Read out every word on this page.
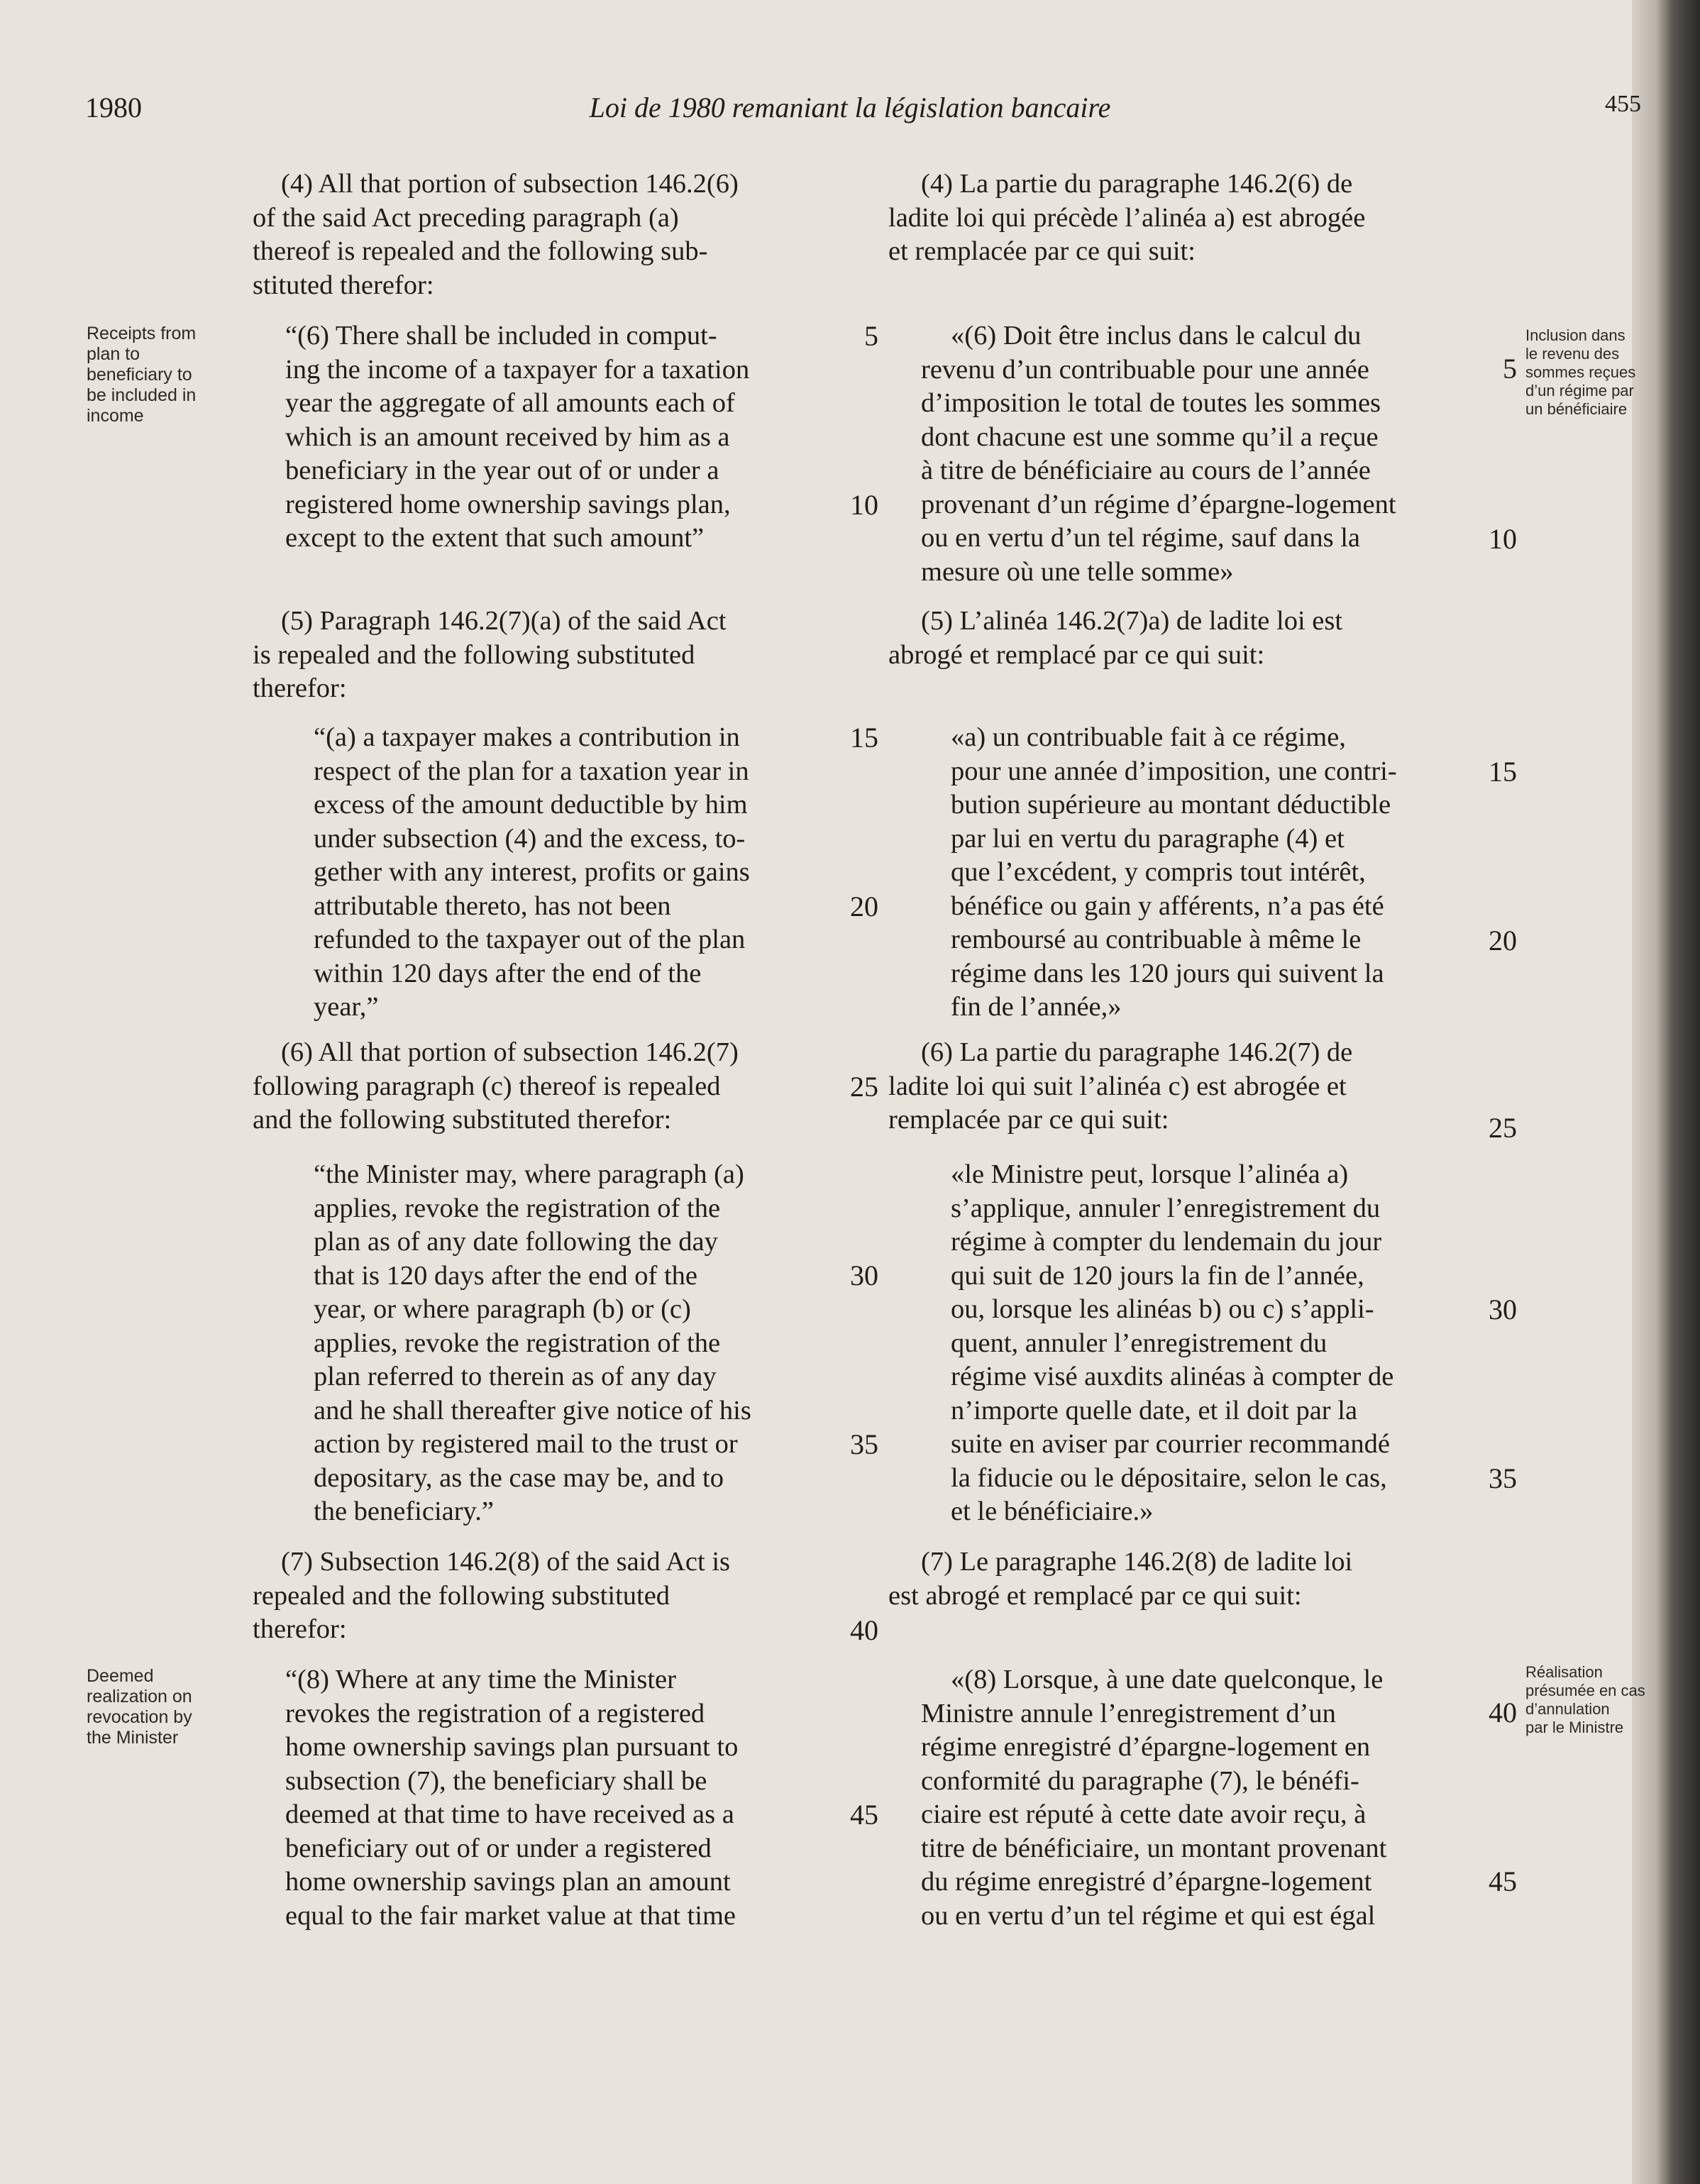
1980	Loi de 1980 remaniant la législation bancaire	455

Receipts from

plan to

beneficiary to

be included in

income

Deemed

realization on

revocation by

the Minister

Inclusion dans

le revenu des

sommes reçues

d’un régime par

un bénéficiaire

Réalisation

présumée en cas

d’annulation

par le Ministre

(4) All that portion of subsection 146.2(6)

of the said Act preceding paragraph (a)

thereof is repealed and the following sub-

stituted therefor:

“(6) There shall be included in comput-

ing the income of a taxpayer for a taxation

year the aggregate of all amounts each of

which is an amount received by him as a

beneficiary in the year out of or under a

registered home ownership savings plan,

except to the extent that such amount”

(5) Paragraph 146.2(7)(a) of the said Act

is repealed and the following substituted

therefor:

“(a) a taxpayer makes a contribution in

respect of the plan for a taxation year in

excess of the amount deductible by him

under subsection (4) and the excess, to-

gether with any interest, profits or gains

attributable thereto, has not been

refunded to the taxpayer out of the plan

within 120 days after the end of the

year,”

(6) All that portion of subsection 146.2(7)

following paragraph (c) thereof is repealed

and the following substituted therefor:

“the Minister may, where paragraph (a)

applies, revoke the registration of the

plan as of any date following the day

that is 120 days after the end of the

year, or where paragraph (b) or (c)

applies, revoke the registration of the

plan referred to therein as of any day

and he shall thereafter give notice of his

action by registered mail to the trust or

depositary, as the case may be, and to

the beneficiary.”

(7) Subsection 146.2(8) of the said Act is

repealed and the following substituted

therefor:

“(8) Where at any time the Minister

revokes the registration of a registered

home ownership savings plan pursuant to

subsection (7), the beneficiary shall be

deemed at that time to have received as a

beneficiary out of or under a registered

home ownership savings plan an amount

equal to the fair market value at that time

5
10
15
20
25
30
35
40
45

(4) La partie du paragraphe 146.2(6) de

ladite loi qui précède l’alinéa a) est abrogée

et remplacée par ce qui suit:

«(6) Doit être inclus dans le calcul du

revenu d’un contribuable pour une année

d’imposition le total de toutes les sommes

dont chacune est une somme qu’il a reçue

à titre de bénéficiaire au cours de l’année

provenant d’un régime d’épargne-logement

ou en vertu d’un tel régime, sauf dans la

mesure où une telle somme»

(5) L’alinéa 146.2(7)a) de ladite loi est

abrogé et remplacé par ce qui suit:

«a) un contribuable fait à ce régime,

pour une année d’imposition, une contri-

bution supérieure au montant déductible

par lui en vertu du paragraphe (4) et

que l’excédent, y compris tout intérêt,

bénéfice ou gain y afférents, n’a pas été

remboursé au contribuable à même le

régime dans les 120 jours qui suivent la

fin de l’année,»

(6) La partie du paragraphe 146.2(7) de

ladite loi qui suit l’alinéa c) est abrogée et

remplacée par ce qui suit:

«le Ministre peut, lorsque l’alinéa a)

s’applique, annuler l’enregistrement du

régime à compter du lendemain du jour

qui suit de 120 jours la fin de l’année,

ou, lorsque les alinéas b) ou c) s’appli-

quent, annuler l’enregistrement du

régime visé auxdits alinéas à compter de

n’importe quelle date, et il doit par la

suite en aviser par courrier recommandé

la fiducie ou le dépositaire, selon le cas,

et le bénéficiaire.»

(7) Le paragraphe 146.2(8) de ladite loi

est abrogé et remplacé par ce qui suit:

«(8) Lorsque, à une date quelconque, le

Ministre annule l’enregistrement d’un

régime enregistré d’épargne-logement en

conformité du paragraphe (7), le bénéfi-

ciaire est réputé à cette date avoir reçu, à

titre de bénéficiaire, un montant provenant

du régime enregistré d’épargne-logement

ou en vertu d’un tel régime et qui est égal

5
10
15
20
25
30
35
40
45
